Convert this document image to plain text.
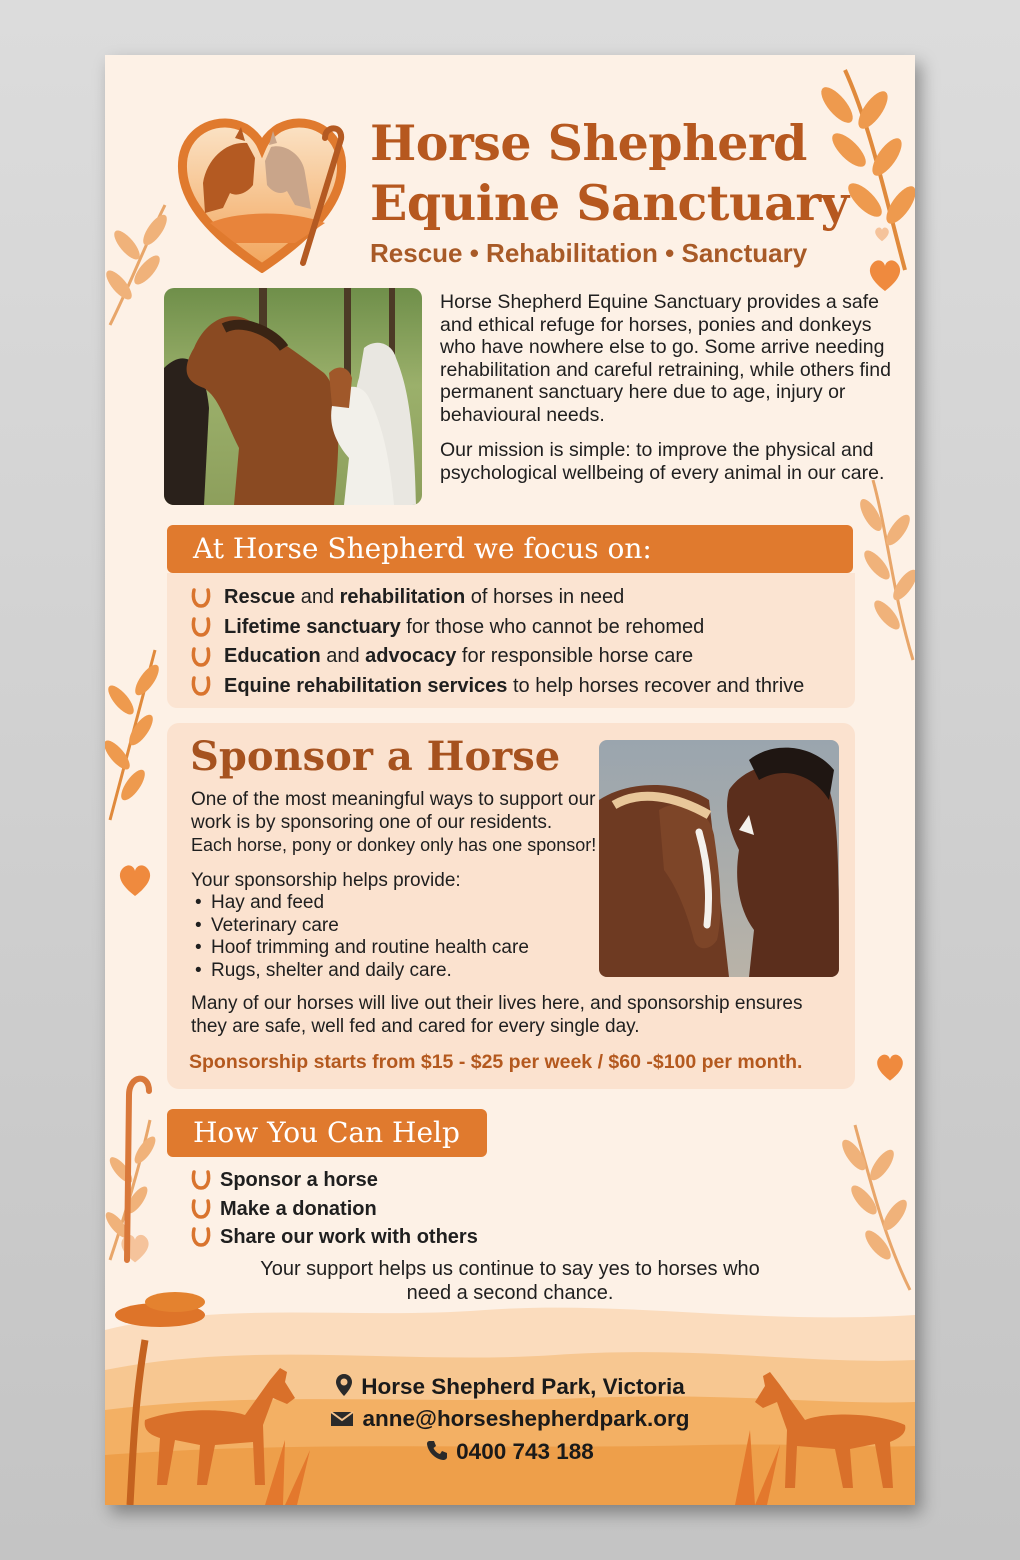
Horse Shepherd
Equine Sanctuary
Rescue • Rehabilitation • Sanctuary

Horse Shepherd Equine Sanctuary provides a safe and ethical refuge for horses, ponies and donkeys who have nowhere else to go. Some arrive needing rehabilitation and careful retraining, while others find permanent sanctuary here due to age, injury or behavioural needs.

Our mission is simple: to improve the physical and psychological wellbeing of every animal in our care.

At Horse Shepherd we focus on:
Rescue and rehabilitation of horses in need
Lifetime sanctuary for those who cannot be rehomed
Education and advocacy for responsible horse care
Equine rehabilitation services to help horses recover and thrive
Sponsor a Horse

One of the most meaningful ways to support our work is by sponsoring one of our residents.

Each horse, pony or donkey only has one sponsor!

Your sponsorship helps provide:

• Hay and feed
• Veterinary care
• Hoof trimming and routine health care
• Rugs, shelter and daily care.
Many of our horses will live out their lives here, and sponsorship ensures they are safe, well fed and cared for every single day.
Sponsorship starts from $15 - $25 per week / $60 -$100 per month.
How You Can Help
Sponsor a horse
Make a donation
Share our work with others
Your support helps us continue to say yes to horses who need a second chance.
Horse Shepherd Park, Victoria
anne@horseshepherdpark.org
0400 743 188
